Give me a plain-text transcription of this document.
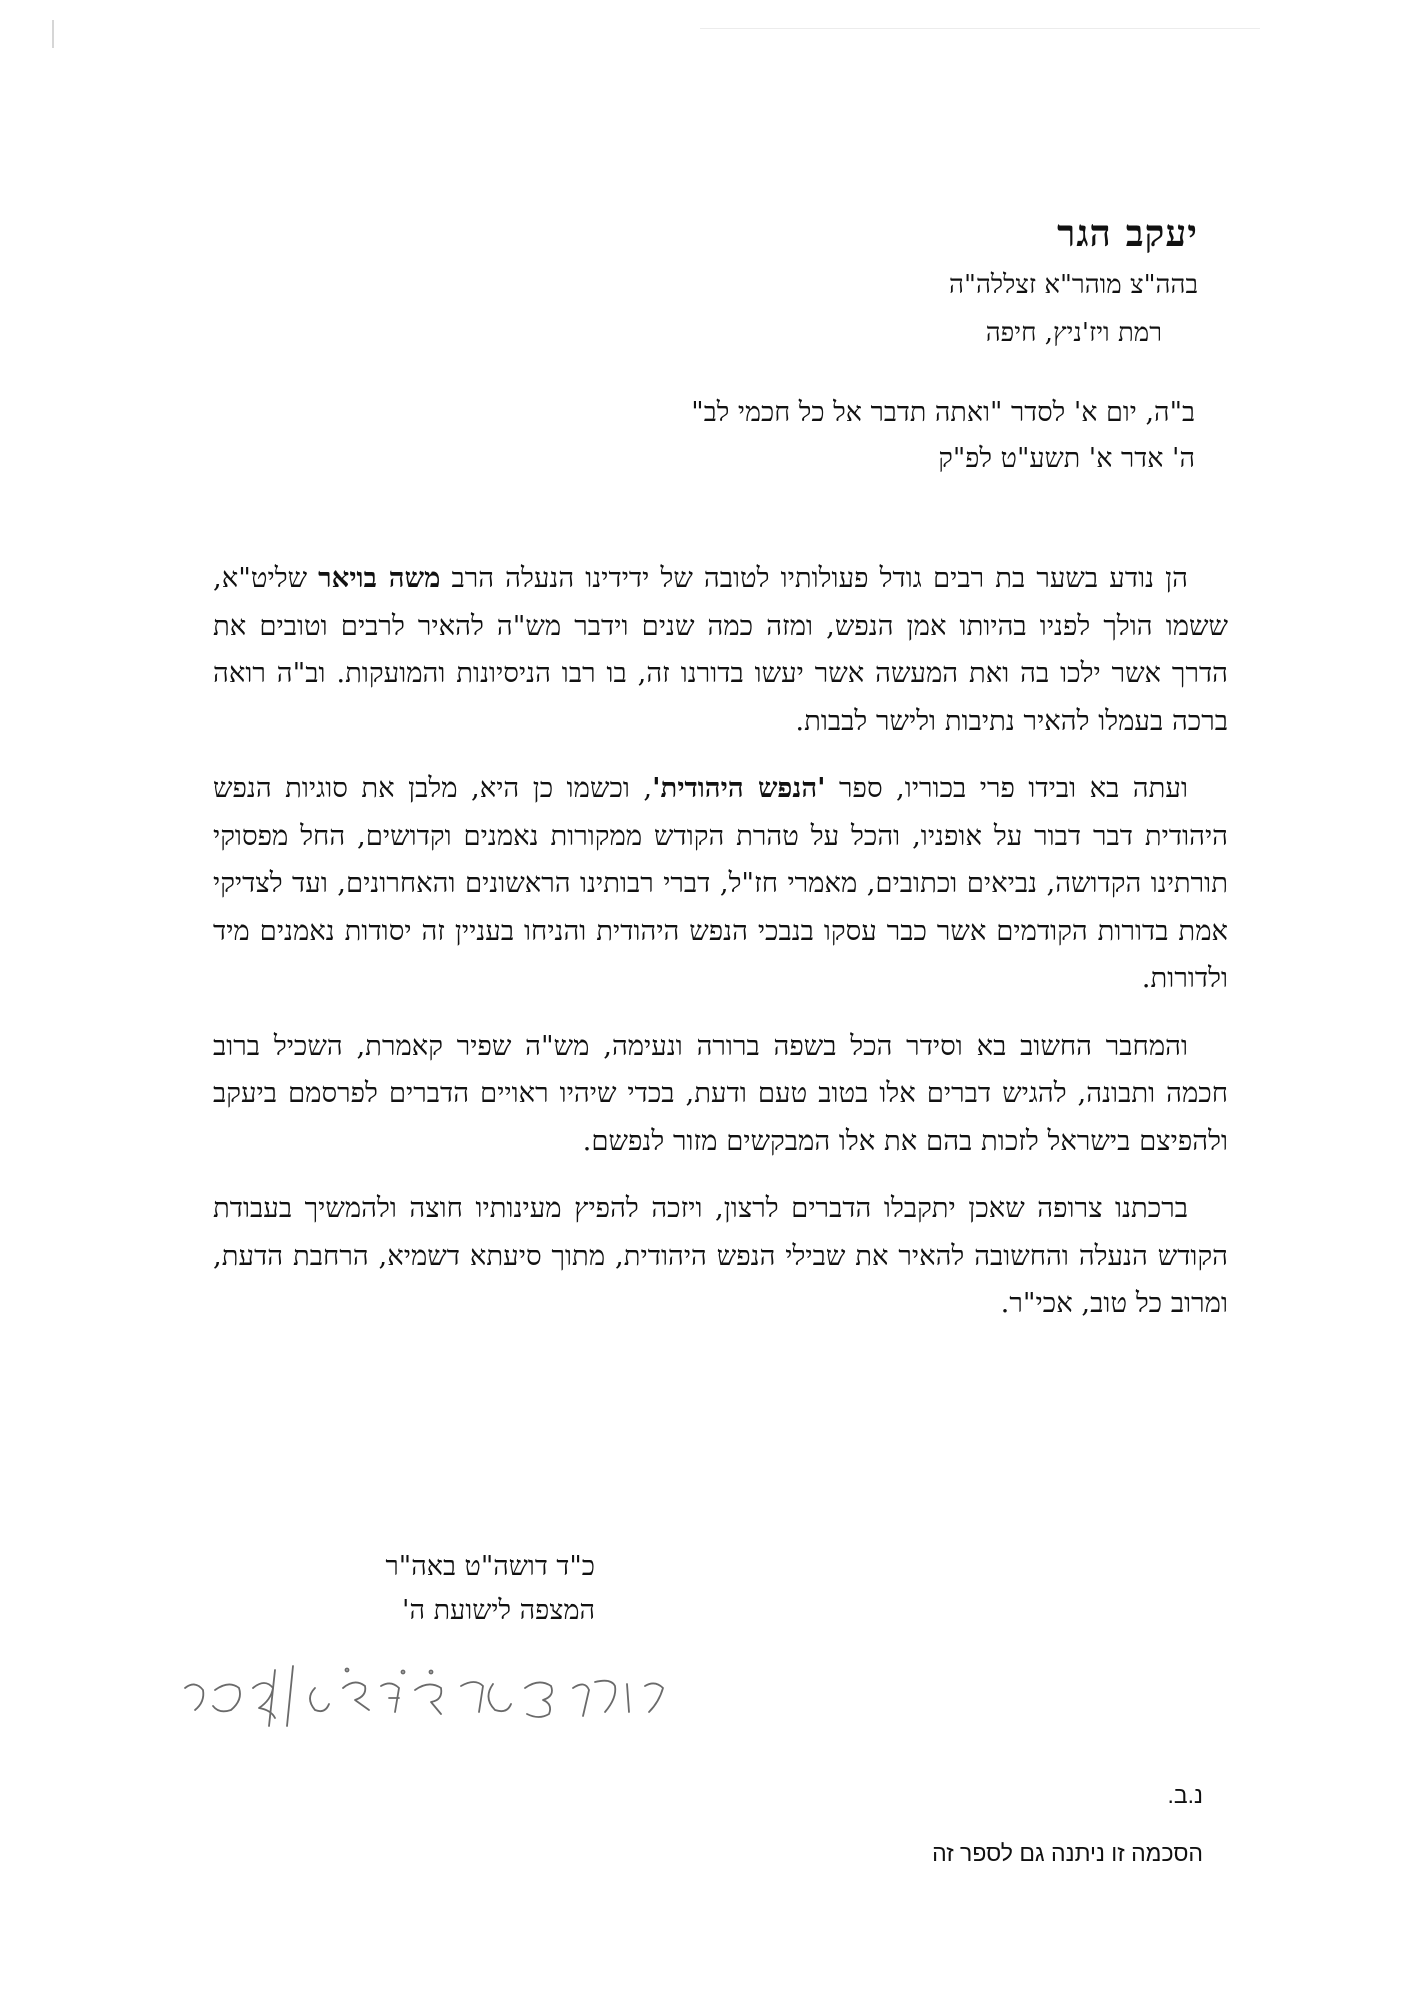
יעקב הגר
בהה"צ מוהר"א זצללה"ה
רמת ויז'ניץ, חיפה
ב"ה, יום א' לסדר "ואתה תדבר אל כל חכמי לב"
ה' אדר א' תשע"ט לפ"ק

הן נודע בשער בת רבים גודל פעולותיו לטובה של ידידינו הנעלה הרב משה בויאר שליט"א, ששמו הולך לפניו בהיותו אמן הנפש, ומזה כמה שנים וידבר מש"ה להאיר לרבים וטובים את הדרך אשר ילכו בה ואת המעשה אשר יעשו בדורנו זה, בו רבו הניסיונות והמועקות. וב"ה רואה ברכה בעמלו להאיר נתיבות ולישר לבבות.

ועתה בא ובידו פרי בכוריו, ספר 'הנפש היהודית', וכשמו כן היא, מלבן את סוגיות הנפש היהודית דבר דבור על אופניו, והכל על טהרת הקודש ממקורות נאמנים וקדושים, החל מפסוקי תורתינו הקדושה, נביאים וכתובים, מאמרי חז"ל, דברי רבותינו הראשונים והאחרונים, ועד לצדיקי אמת בדורות הקודמים אשר כבר עסקו בנבכי הנפש היהודית והניחו בעניין זה יסודות נאמנים מיד ולדורות.

והמחבר החשוב בא וסידר הכל בשפה ברורה ונעימה, מש"ה שפיר קאמרת, השכיל ברוב חכמה ותבונה, להגיש דברים אלו בטוב טעם ודעת, בכדי שיהיו ראויים הדברים לפרסמם ביעקב ולהפיצם בישראל לזכות בהם את אלו המבקשים מזור לנפשם.

ברכתנו צרופה שאכן יתקבלו הדברים לרצון, ויזכה להפיץ מעינותיו חוצה ולהמשיך בעבודת הקודש הנעלה והחשובה להאיר את שבילי הנפש היהודית, מתוך סיעתא דשמיא, הרחבת הדעת, ומרוב כל טוב, אכי"ר.

כ"ד דושה"ט באה"ר
המצפה לישועת ה'
נ.ב.
הסכמה זו ניתנה גם לספר זה
